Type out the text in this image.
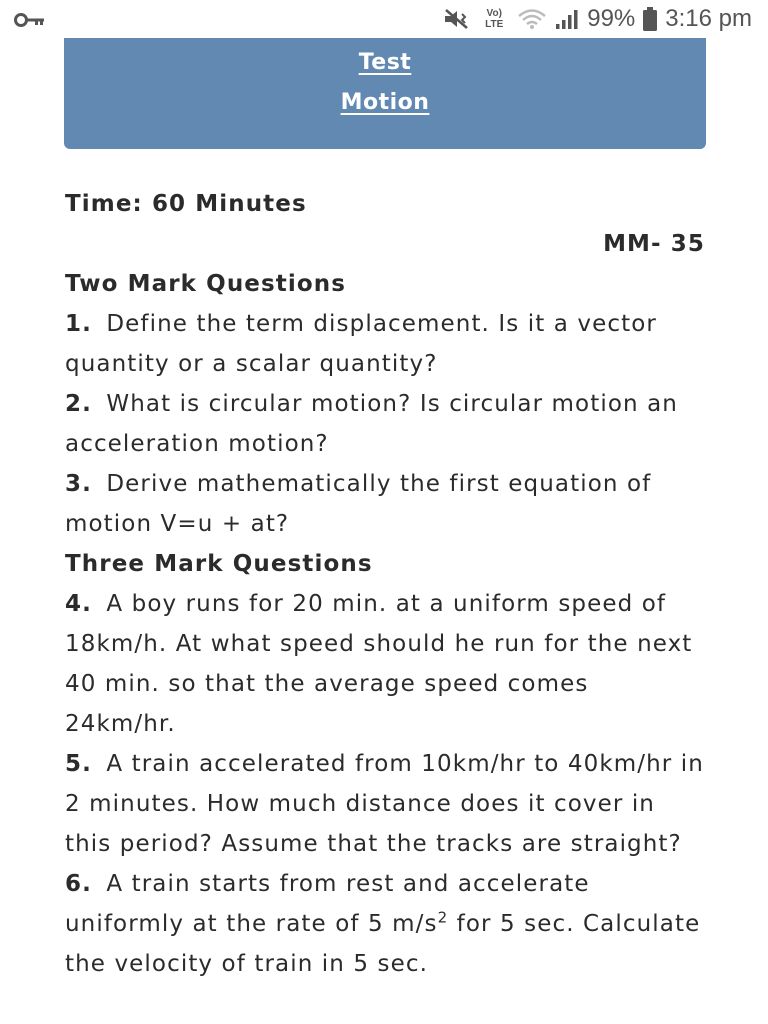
Vo) LTE	99% 3:16 pm
Test
Motion
Time: 60 Minutes
MM- 35
Two Mark Questions

1. Define the term displacement. Is it a vector quantity or a scalar quantity?

2. What is circular motion? Is circular motion an acceleration motion?

3. Derive mathematically the first equation of motion V=u + at?

Three Mark Questions

4. A boy runs for 20 min. at a uniform speed of 18km/h. At what speed should he run for the next 40 min. so that the average speed comes 24km/hr.

5. A train accelerated from 10km/hr to 40km/hr in 2 minutes. How much distance does it cover in this period? Assume that the tracks are straight?

6. A train starts from rest and accelerate uniformly at the rate of 5 $m/s^2$ for 5 sec. Calculate the velocity of train in 5 sec.
